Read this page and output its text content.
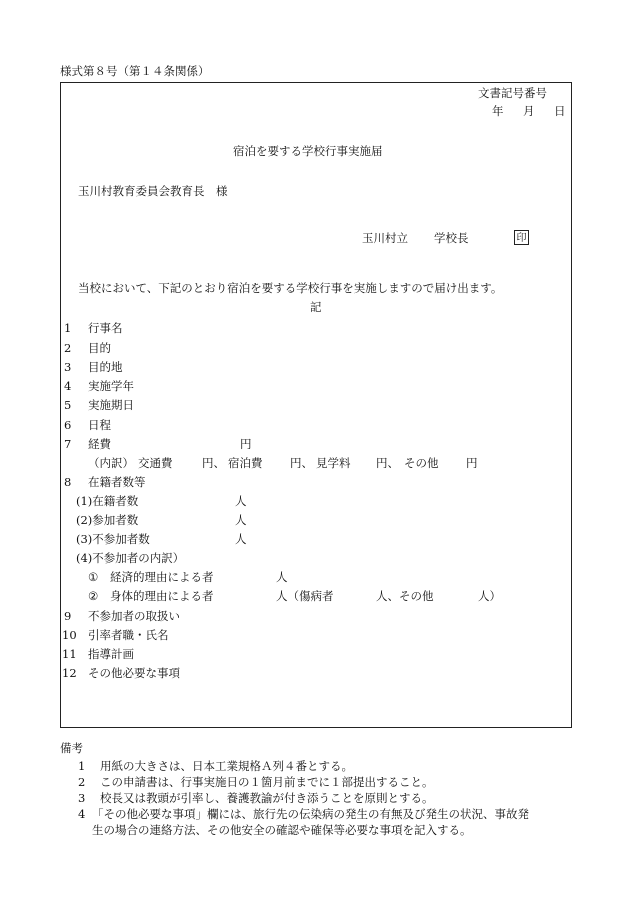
様式第８号（第１４条関係）
文書記号番号
年　月　日
宿泊を要する学校行事実施届
玉川村教育委員会教育長　様
玉川村立 学校長	印
当校において、下記のとおり宿泊を要する学校行事を実施しますので届け出ます。
記
1 行事名
2 目的
3 目的地
4 実施学年
5 実施期日
6 日程
7 経費	円
（内訳） 交通費	円、 宿泊費 円、 見学料 円、 その他 円
8 在籍者数等
(1)在籍者数	人
(2)参加者数	人
(3)不参加者数	人
(4)不参加者の内訳）
① 経済的理由による者	人
② 身体的理由による者	人（傷病者	人、その他	人）
9 不参加者の取扱い
10 引率者職・氏名
11 指導計画
12 その他必要な事項
備考
1 用紙の大きさは、日本工業規格Ａ列４番とする。
2 この申請書は、行事実施日の１箇月前までに１部提出すること。
3 校長又は教頭が引率し、養護教諭が付き添うことを原則とする。
4 「その他必要な事項」欄には、旅行先の伝染病の発生の有無及び発生の状況、事故発
生の場合の連絡方法、その他安全の確認や確保等必要な事項を記入する。
